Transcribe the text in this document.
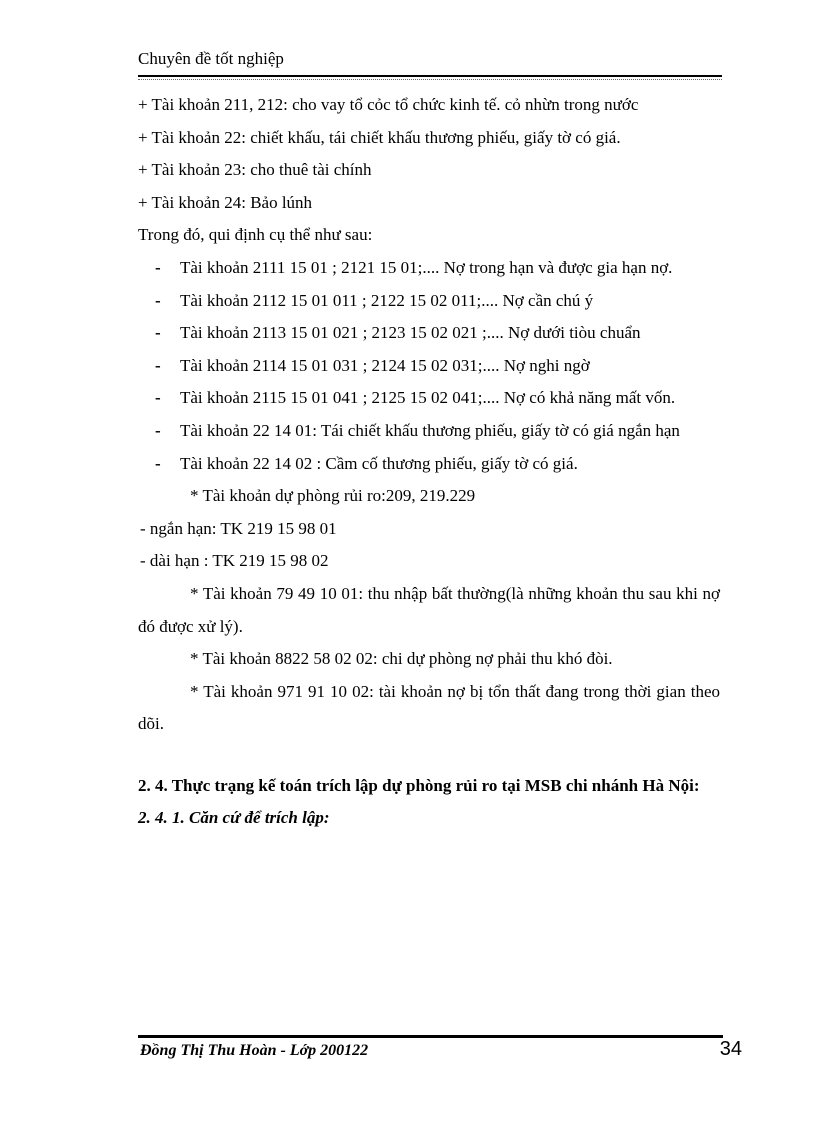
Chuyên đề tốt nghiệp

+ Tài khoản 211, 212: cho vay tổ cỏc tổ chức kinh tế. cỏ nhừn trong nước

+ Tài khoản 22: chiết khấu, tái chiết khấu thương phiếu, giấy tờ có giá.

+ Tài khoản 23: cho thuê tài chính

+ Tài khoản 24: Bảo lúnh

Trong đó, qui định cụ thể như sau:

- Tài khoản 2111 15 01 ; 2121 15 01;.... Nợ trong hạn và được gia hạn nợ.
- Tài khoản 2112 15 01 011 ; 2122 15 02 011;.... Nợ cần chú ý
- Tài khoản 2113 15 01 021 ; 2123 15 02 021 ;.... Nợ dưới tiòu chuẩn
- Tài khoản 2114 15 01 031 ; 2124 15 02 031;.... Nợ nghi ngờ
- Tài khoản 2115 15 01 041 ; 2125 15 02 041;.... Nợ có khả năng mất vốn.
- Tài khoản 22 14 01: Tái chiết khấu thương phiếu, giấy tờ có giá ngắn hạn
- Tài khoản 22 14 02 : Cầm cố thương phiếu, giấy tờ có giá.

* Tài khoản dự phòng rủi ro:209, 219.229

- ngắn hạn: TK 219 15 98 01

- dài hạn : TK 219 15 98 02

* Tài khoản 79 49 10 01: thu nhập bất thường(là những khoản thu sau khi nợ đó được xử lý).

* Tài khoản 8822 58 02 02: chi dự phòng nợ phải thu khó đòi.

* Tài khoản 971 91 10 02: tài khoản nợ bị tổn thất đang trong thời gian theo dõi.

2. 4. Thực trạng kế toán trích lập dự phòng rủi ro tại MSB chi nhánh Hà Nội:

2. 4. 1. Căn cứ để trích lập:

Đồng Thị Thu Hoàn - Lớp 200122	34
